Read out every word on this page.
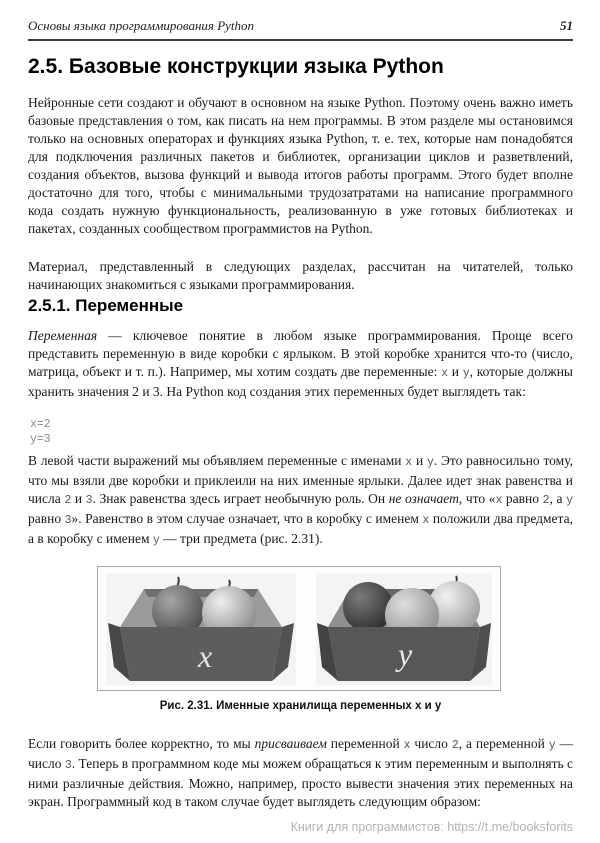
Основы языка программирования Python	51
2.5. Базовые конструкции языка Python

Нейронные сети создают и обучают в основном на языке Python. Поэтому очень важно иметь базовые представления о том, как писать на нем программы. В этом разделе мы остановимся только на основных операторах и функциях языка Python, т. е. тех, которые нам понадобятся для подключения различных пакетов и библиотек, организации циклов и разветвлений, создания объектов, вызова функций и вывода итогов работы программ. Этого будет вполне достаточно для того, чтобы с минимальными трудозатратами на написание программного кода создать нужную функциональность, реализованную в уже готовых библиотеках и пакетах, созданных сообществом программистов на Python.

Материал, представленный в следующих разделах, рассчитан на читателей, только начинающих знакомиться с языками программирования.

2.5.1. Переменные

Переменная — ключевое понятие в любом языке программирования. Проще всего представить переменную в виде коробки с ярлыком. В этой коробке хранится что-то (число, матрица, объект и т. п.). Например, мы хотим создать две переменные: x и y, которые должны хранить значения 2 и 3. На Python код создания этих переменных будет выглядеть так:

x=2
y=3

В левой части выражений мы объявляем переменные с именами x и y. Это равносильно тому, что мы взяли две коробки и приклеили на них именные ярлыки. Далее идет знак равенства и числа 2 и 3. Знак равенства здесь играет необычную роль. Он не означает, что «x равно 2, а y равно 3». Равенство в этом случае означает, что в коробку с именем x положили два предмета, а в коробку с именем y — три предмета (рис. 2.31).

x	y
Рис. 2.31. Именные хранилища переменных x и y

Если говорить более корректно, то мы присваиваем переменной x число 2, а переменной y — число 3. Теперь в программном коде мы можем обращаться к этим переменным и выполнять с ними различные действия. Можно, например, просто вывести значения этих переменных на экран. Программный код в таком случае будет выглядеть следующим образом:

Книги для программистов: https://t.me/booksforits
